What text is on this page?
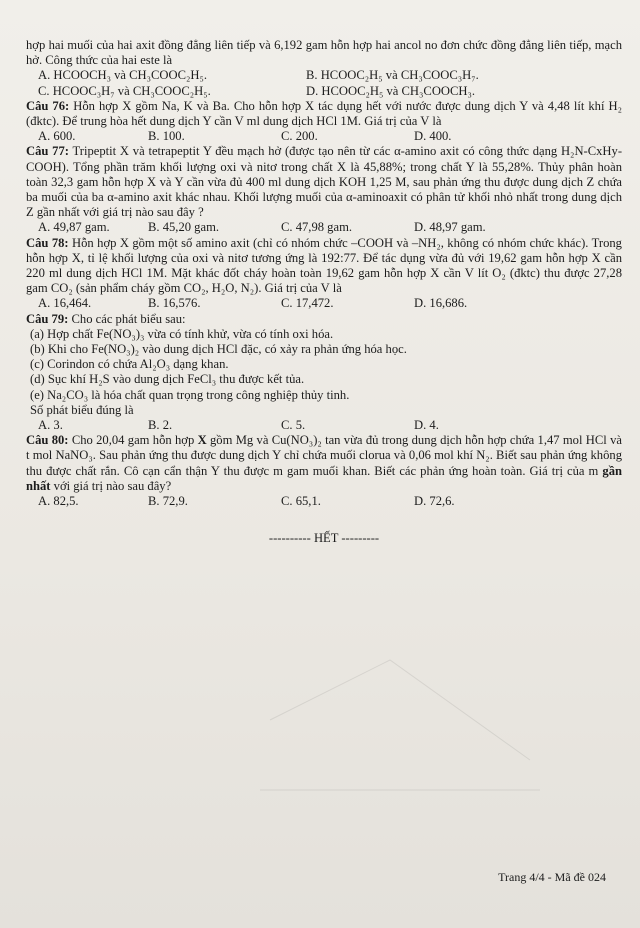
hợp hai muối của hai axit đồng đẳng liên tiếp và 6,192 gam hỗn hợp hai ancol no đơn chức đồng đẳng liên tiếp, mạch hở. Công thức của hai este là

A. HCOOCH₃ và CH₃COOC₂H₅.	B. HCOOC₂H₅ và CH₃COOC₃H₇.
C. HCOOC₃H₇ và CH₃COOC₂H₅.	D. HCOOC₂H₅ và CH₃COOCH₃.

Câu 76: Hỗn hợp X gồm Na, K và Ba. Cho hỗn hợp X tác dụng hết với nước được dung dịch Y và 4,48 lít khí H₂ (đktc). Để trung hòa hết dung dịch Y cần V ml dung dịch HCl 1M. Giá trị của V là

A. 600.	B. 100.	C. 200.	D. 400.

Câu 77: Tripeptit X và tetrapeptit Y đều mạch hở (được tạo nên từ các α-amino axit có công thức dạng H₂N-CxHy-COOH). Tổng phần trăm khối lượng oxi và nitơ trong chất X là 45,88%; trong chất Y là 55,28%. Thủy phân hoàn toàn 32,3 gam hỗn hợp X và Y cần vừa đủ 400 ml dung dịch KOH 1,25 M, sau phản ứng thu được dung dịch Z chứa ba muối của ba α-amino axit khác nhau. Khối lượng muối của α-aminoaxit có phân tử khối nhỏ nhất trong dung dịch Z gần nhất với giá trị nào sau đây ?

A. 49,87 gam.	B. 45,20 gam.	C. 47,98 gam.	D. 48,97 gam.

Câu 78: Hỗn hợp X gồm một số amino axit (chỉ có nhóm chức –COOH và –NH₂, không có nhóm chức khác). Trong hỗn hợp X, tỉ lệ khối lượng của oxi và nitơ tương ứng là 192:77. Để tác dụng vừa đủ với 19,62 gam hỗn hợp X cần 220 ml dung dịch HCl 1M. Mặt khác đốt cháy hoàn toàn 19,62 gam hỗn hợp X cần V lít O₂ (đktc) thu được 27,28 gam CO₂ (sản phẩm cháy gồm CO₂, H₂O, N₂). Giá trị của V là

A. 16,464.	B. 16,576.	C. 17,472.	D. 16,686.

Câu 79: Cho các phát biểu sau:

(a) Hợp chất Fe(NO₃)₃ vừa có tính khử, vừa có tính oxi hóa.

(b) Khi cho Fe(NO₃)₂ vào dung dịch HCl đặc, có xảy ra phản ứng hóa học.

(c) Corindon có chứa Al₂O₃ dạng khan.

(d) Sục khí H₂S vào dung dịch FeCl₃ thu được kết tủa.

(e) Na₂CO₃ là hóa chất quan trọng trong công nghiệp thủy tinh.

Số phát biểu đúng là

A. 3.	B. 2.	C. 5.	D. 4.

Câu 80: Cho 20,04 gam hỗn hợp X gồm Mg và Cu(NO₃)₂ tan vừa đủ trong dung dịch hỗn hợp chứa 1,47 mol HCl và t mol NaNO₃. Sau phản ứng thu được dung dịch Y chỉ chứa muối clorua và 0,06 mol khí N₂. Biết sau phản ứng không thu được chất rắn. Cô cạn cẩn thận Y thu được m gam muối khan. Biết các phản ứng hoàn toàn. Giá trị của m gần nhất với giá trị nào sau đây?

A. 82,5.	B. 72,9.	C. 65,1.	D. 72,6.
---------- HẾT ---------
Trang 4/4 - Mã đề 024
